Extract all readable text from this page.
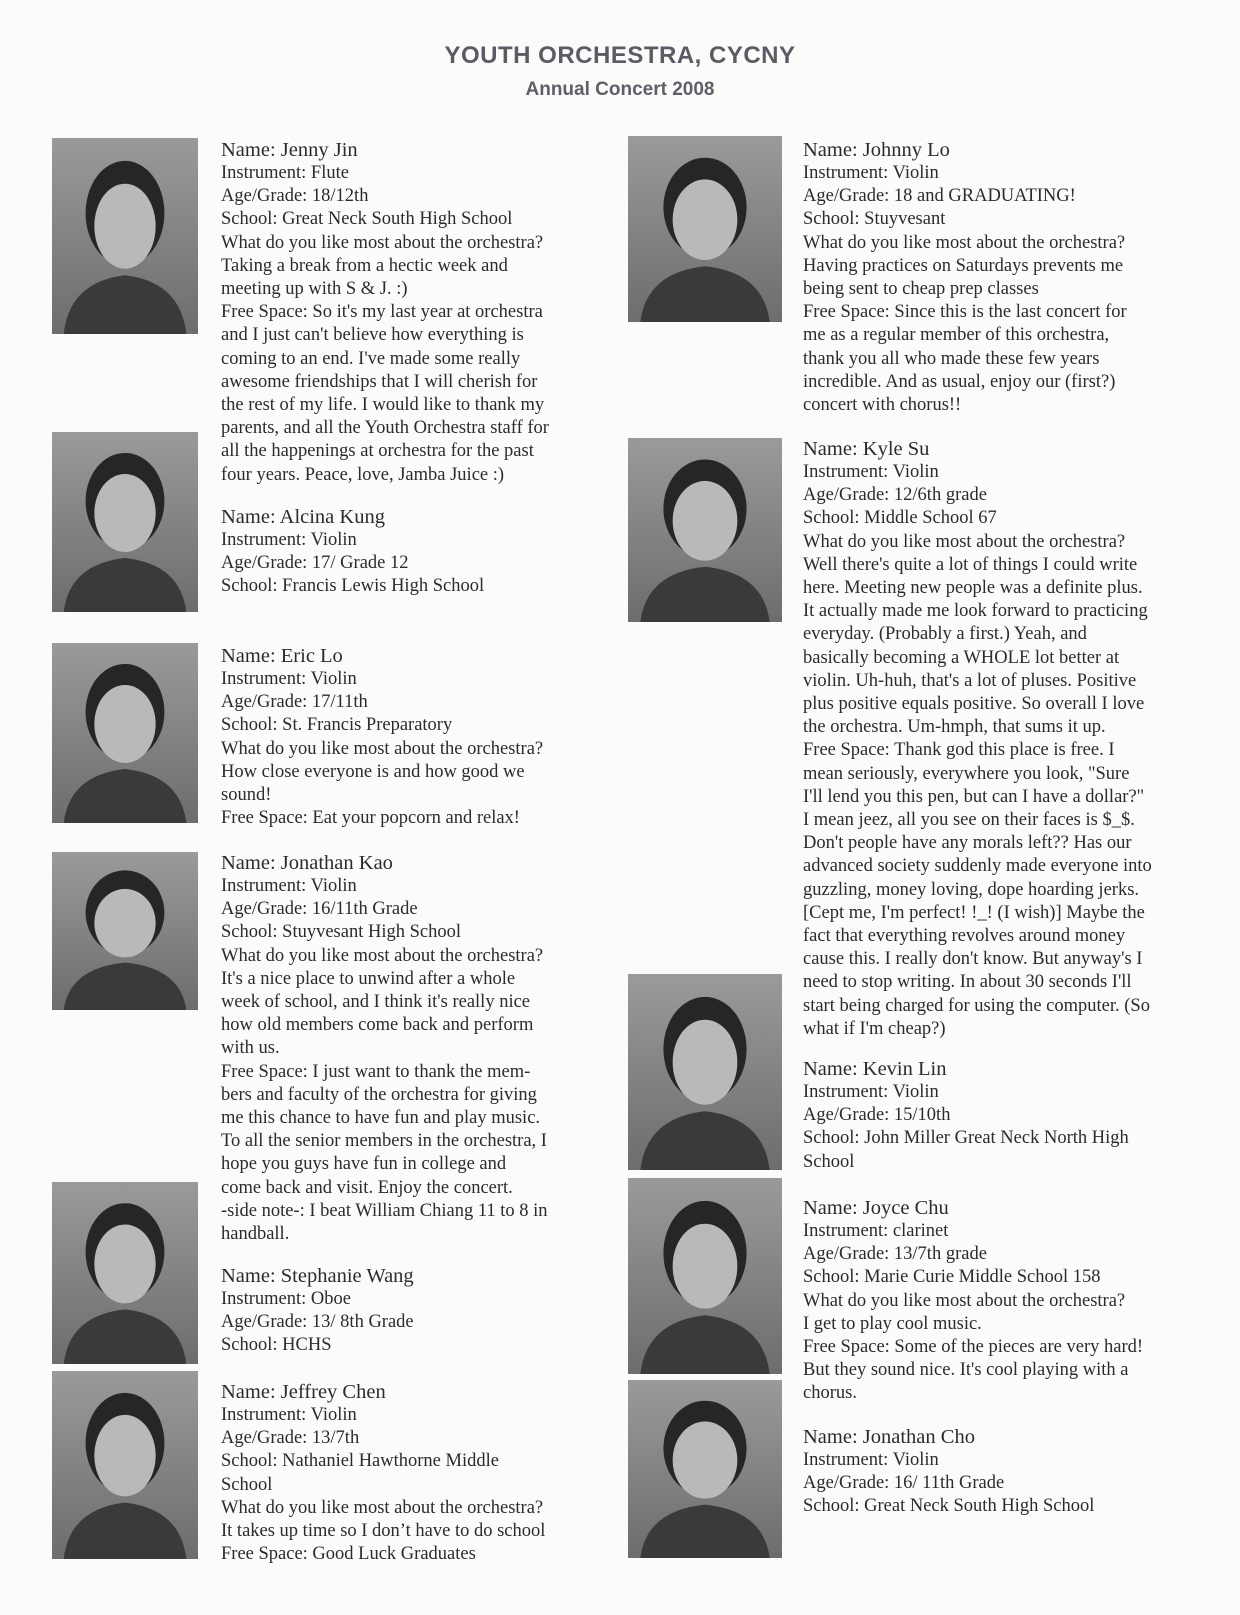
YOUTH ORCHESTRA, CYCNY
Annual Concert 2008
Name: Jenny Jin
Instrument: Flute
Age/Grade: 18/12th
School: Great Neck South High School
What do you like most about the orchestra?
Taking a break from a hectic week and
meeting up with S & J. :)
Free Space: So it's my last year at orchestra
and I just can't believe how everything is
coming to an end. I've made some really
awesome friendships that I will cherish for
the rest of my life. I would like to thank my
parents, and all the Youth Orchestra staff for
all the happenings at orchestra for the past
four years. Peace, love, Jamba Juice :)
Name: Alcina Kung
Instrument: Violin
Age/Grade: 17/ Grade 12
School: Francis Lewis High School
Name: Eric Lo
Instrument: Violin
Age/Grade: 17/11th
School: St. Francis Preparatory
What do you like most about the orchestra?
How close everyone is and how good we
sound!
Free Space: Eat your popcorn and relax!
Name: Jonathan Kao
Instrument: Violin
Age/Grade: 16/11th Grade
School: Stuyvesant High School
What do you like most about the orchestra?
It's a nice place to unwind after a whole
week of school, and I think it's really nice
how old members come back and perform
with us.
Free Space: I just want to thank the mem-
bers and faculty of the orchestra for giving
me this chance to have fun and play music.
To all the senior members in the orchestra, I
hope you guys have fun in college and
come back and visit. Enjoy the concert.
-side note-: I beat William Chiang 11 to 8 in
handball.
Name: Stephanie Wang
Instrument: Oboe
Age/Grade: 13/ 8th Grade
School: HCHS
Name: Jeffrey Chen
Instrument: Violin
Age/Grade: 13/7th
School: Nathaniel Hawthorne Middle
School
What do you like most about the orchestra?
It takes up time so I don’t have to do school
Free Space: Good Luck Graduates
Name: Johnny Lo
Instrument: Violin
Age/Grade: 18 and GRADUATING!
School: Stuyvesant
What do you like most about the orchestra?
Having practices on Saturdays prevents me
being sent to cheap prep classes
Free Space: Since this is the last concert for
me as a regular member of this orchestra,
thank you all who made these few years
incredible. And as usual, enjoy our (first?)
concert with chorus!!
Name: Kyle Su
Instrument: Violin
Age/Grade: 12/6th grade
School: Middle School 67
What do you like most about the orchestra?
Well there's quite a lot of things I could write
here. Meeting new people was a definite plus.
It actually made me look forward to practicing
everyday. (Probably a first.) Yeah, and
basically becoming a WHOLE lot better at
violin. Uh-huh, that's a lot of pluses. Positive
plus positive equals positive. So overall I love
the orchestra. Um-hmph, that sums it up.
Free Space: Thank god this place is free. I
mean seriously, everywhere you look, "Sure
I'll lend you this pen, but can I have a dollar?"
I mean jeez, all you see on their faces is $_$.
Don't people have any morals left?? Has our
advanced society suddenly made everyone into
guzzling, money loving, dope hoarding jerks.
[Cept me, I'm perfect! !_! (I wish)] Maybe the
fact that everything revolves around money
cause this. I really don't know. But anyway's I
need to stop writing. In about 30 seconds I'll
start being charged for using the computer. (So
what if I'm cheap?)
Name: Kevin Lin
Instrument: Violin
Age/Grade: 15/10th
School: John Miller Great Neck North High
School
Name: Joyce Chu
Instrument: clarinet
Age/Grade: 13/7th grade
School: Marie Curie Middle School 158
What do you like most about the orchestra?
I get to play cool music.
Free Space: Some of the pieces are very hard!
But they sound nice. It's cool playing with a
chorus.
Name: Jonathan Cho
Instrument: Violin
Age/Grade: 16/ 11th Grade
School: Great Neck South High School
